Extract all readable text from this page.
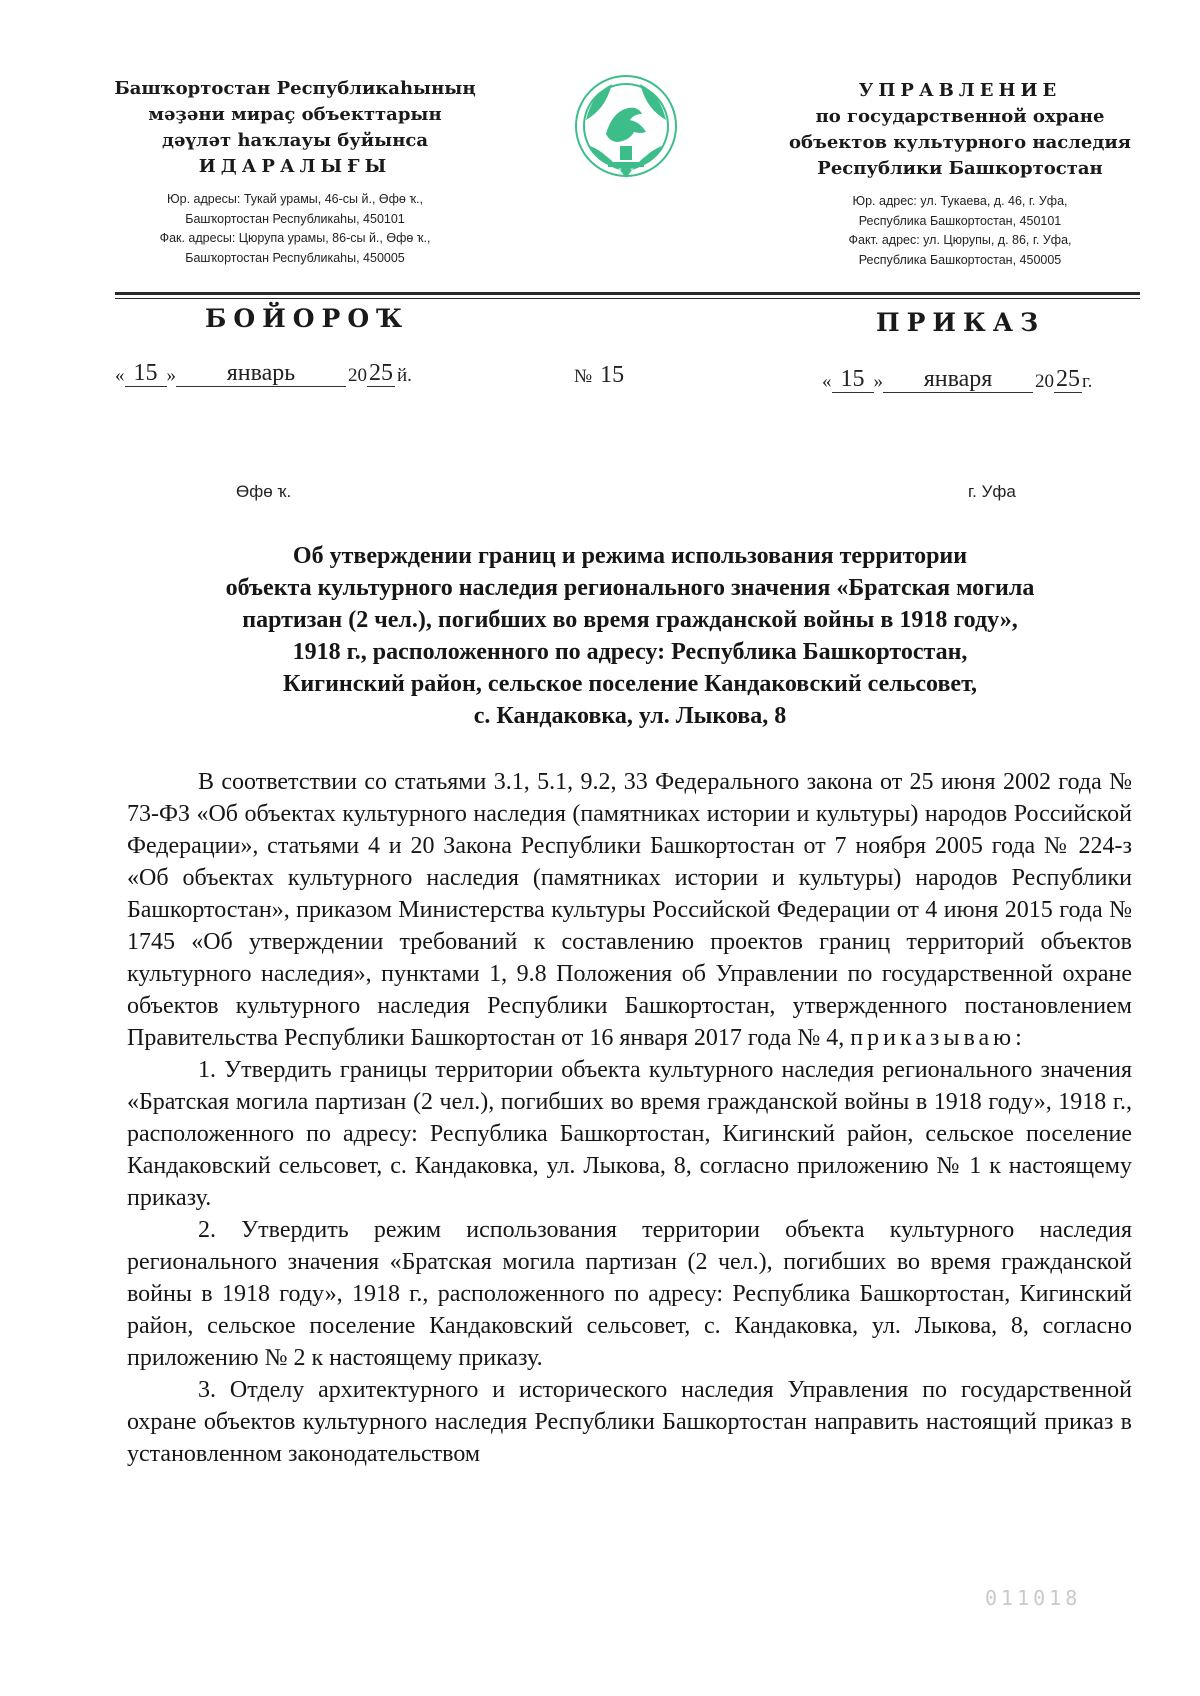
Башҡортостан Республикаһының
мәҙәни мираҫ объекттарын
дәүләт һаҡлауы буйынса
ИДАРАЛЫҒЫ
Юр. адресы: Тукай урамы, 46-сы й., Өфө ҡ.,
Башҡортостан Республикаһы, 450101
Фак. адресы: Цюрупа урамы, 86-сы й., Өфө ҡ.,
Башҡортостан Республикаһы, 450005
УПРАВЛЕНИЕ
по государственной охране
объектов культурного наследия
Республики Башкортостан
Юр. адрес: ул. Тукаева, д. 46, г. Уфа,
Республика Башкортостан, 450101
Факт. адрес: ул. Цюрупы, д. 86, г. Уфа,
Республика Башкортостан, 450005
БОЙОРОҠ	ПРИКАЗ
« 15 » январь	2025 й.	№ 15	« 15 » января 2025 г.
Өфө ҡ.	г. Уфа
Об утверждении границ и режима использования территории
объекта культурного наследия регионального значения «Братская могила
партизан (2 чел.), погибших во время гражданской войны в 1918 году»,
1918 г., расположенного по адресу: Республика Башкортостан,
Кигинский район, сельское поселение Кандаковский сельсовет,
с. Кандаковка, ул. Лыкова, 8

В соответствии со статьями 3.1, 5.1, 9.2, 33 Федерального закона от 25 июня 2002 года № 73-ФЗ «Об объектах культурного наследия (памятниках истории и культуры) народов Российской Федерации», статьями 4 и 20 Закона Республики Башкортостан от 7 ноября 2005 года № 224-з «Об объектах культурного наследия (памятниках истории и культуры) народов Республики Башкортостан», приказом Министерства культуры Российской Федерации от 4 июня 2015 года № 1745 «Об утверждении требований к составлению проектов границ территорий объектов культурного наследия», пунктами 1, 9.8 Положения об Управлении по государственной охране объектов культурного наследия Республики Башкортостан, утвержденного постановлением Правительства Республики Башкортостан от 16 января 2017 года № 4, приказываю:

1. Утвердить границы территории объекта культурного наследия регионального значения «Братская могила партизан (2 чел.), погибших во время гражданской войны в 1918 году», 1918 г., расположенного по адресу: Республика Башкортостан, Кигинский район, сельское поселение Кандаковский сельсовет, с. Кандаковка, ул. Лыкова, 8, согласно приложению № 1 к настоящему приказу.

2. Утвердить режим использования территории объекта культурного наследия регионального значения «Братская могила партизан (2 чел.), погибших во время гражданской войны в 1918 году», 1918 г., расположенного по адресу: Республика Башкортостан, Кигинский район, сельское поселение Кандаковский сельсовет, с. Кандаковка, ул. Лыкова, 8, согласно приложению № 2 к настоящему приказу.

3. Отделу архитектурного и исторического наследия Управления по государственной охране объектов культурного наследия Республики Башкортостан направить настоящий приказ в установленном законодательством

011018
